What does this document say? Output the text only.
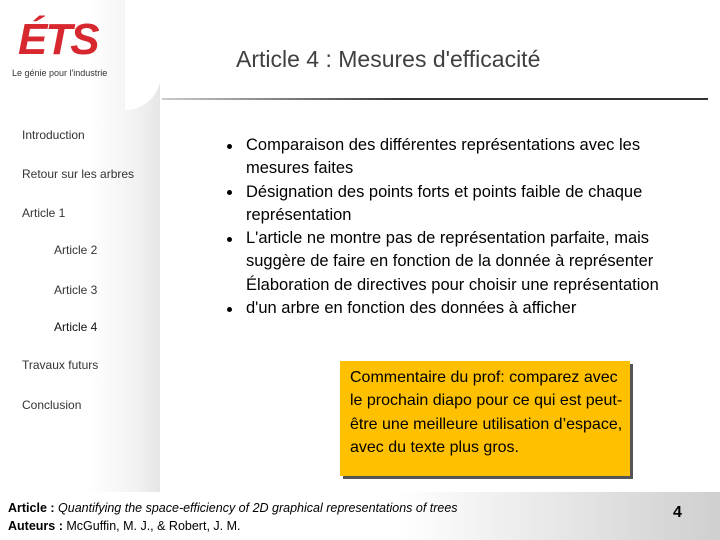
ÉTS
Le génie pour l'industrie
Introduction
Retour sur les arbres
Article 1
Article 2
Article 3
Article 4
Travaux futurs
Conclusion
Article 4 : Mesures d'efficacité

Comparaison des différentes représentations avec les mesures faites

Désignation des points forts et points faible de chaque représentation

L'article ne montre pas de représentation parfaite, mais suggère de faire en fonction de la donnée à représenter

Élaboration de directives pour choisir une représentation d'un arbre en fonction des données à afficher

Commentaire du prof: comparez avec le prochain diapo pour ce qui est peut-être une meilleure utilisation d’espace, avec du texte plus gros.
Article : Quantifying the space-efficiency of 2D graphical representations of trees
Auteurs : McGuffin, M. J., & Robert, J. M.
4
